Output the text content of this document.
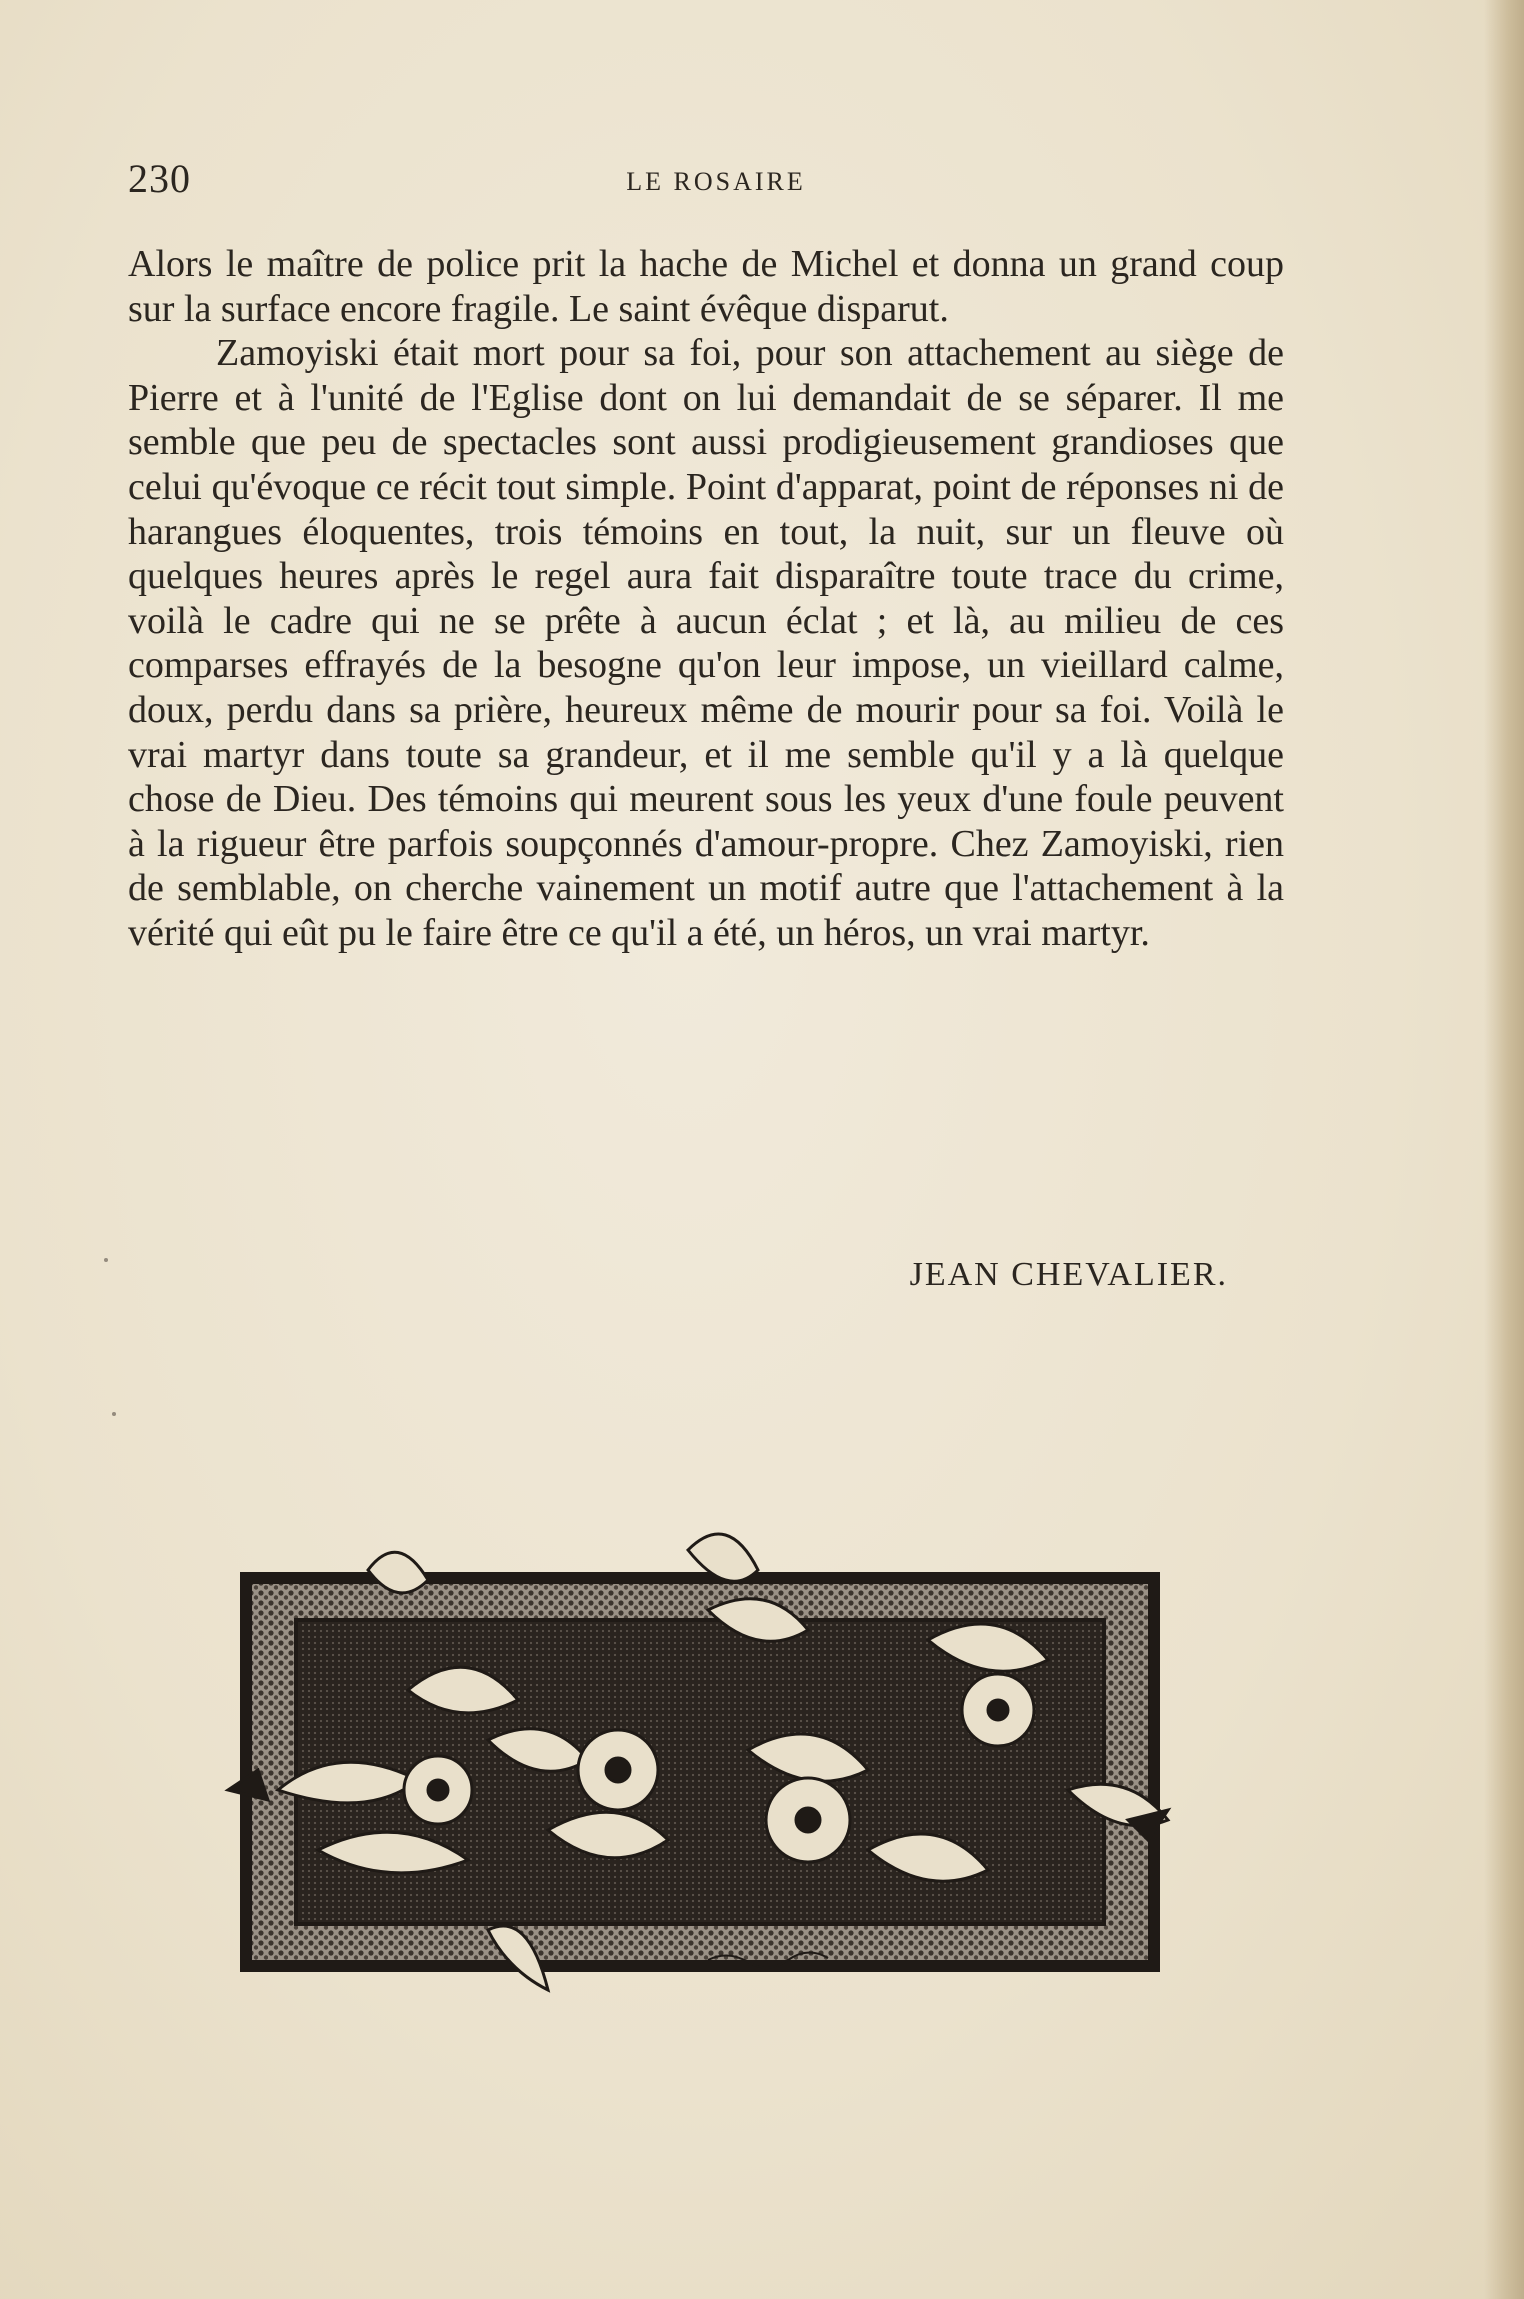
230	LE ROSAIRE

Alors le maître de police prit la hache de Michel et donna un grand coup sur la surface encore fragile. Le saint évêque disparut.

Zamoyiski était mort pour sa foi, pour son attachement au siège de Pierre et à l'unité de l'Eglise dont on lui demandait de se séparer. Il me semble que peu de spectacles sont aussi prodigieusement grandioses que celui qu'évoque ce récit tout simple. Point d'apparat, point de réponses ni de harangues éloquentes, trois témoins en tout, la nuit, sur un fleuve où quelques heures après le regel aura fait disparaître toute trace du crime, voilà le cadre qui ne se prête à aucun éclat ; et là, au milieu de ces comparses effrayés de la besogne qu'on leur impose, un vieillard calme, doux, perdu dans sa prière, heureux même de mourir pour sa foi. Voilà le vrai martyr dans toute sa grandeur, et il me semble qu'il y a là quelque chose de Dieu. Des témoins qui meurent sous les yeux d'une foule peuvent à la rigueur être parfois soupçonnés d'amour-propre. Chez Zamoyiski, rien de semblable, on cherche vainement un motif autre que l'attachement à la vérité qui eût pu le faire être ce qu'il a été, un héros, un vrai martyr.

JEAN CHEVALIER.
